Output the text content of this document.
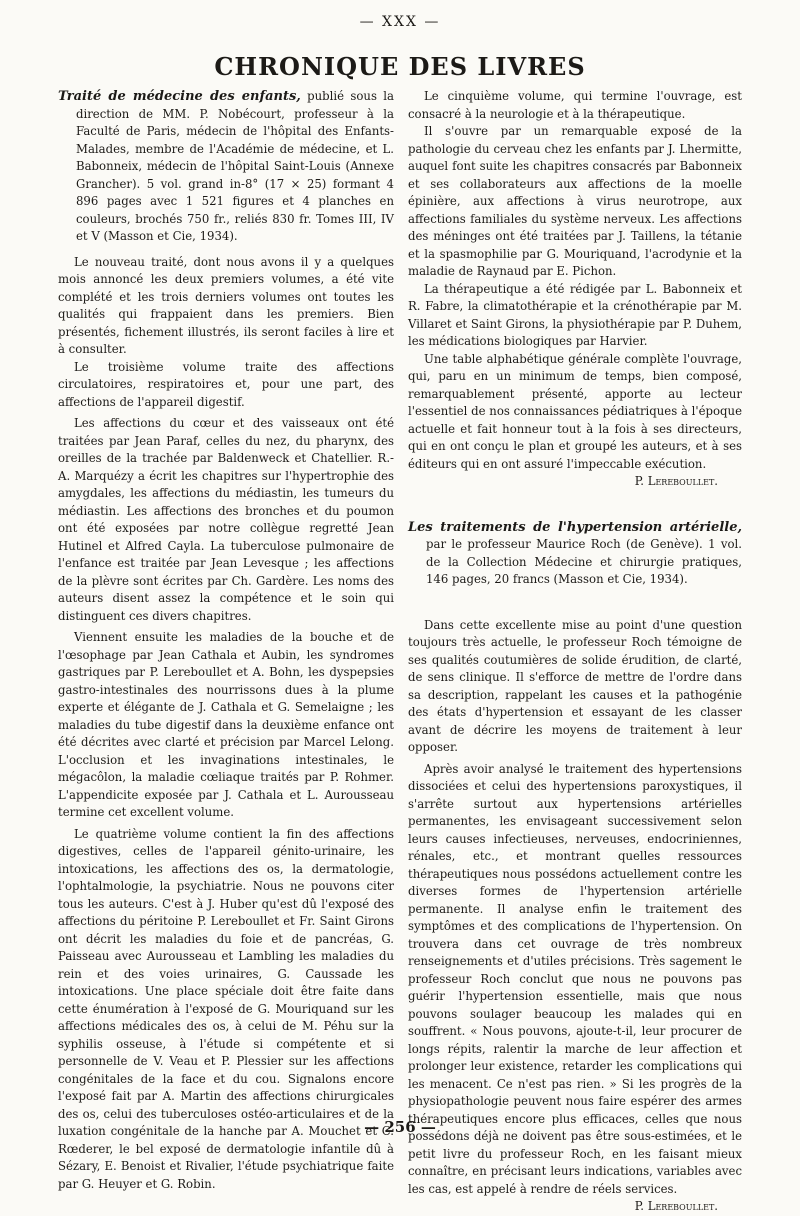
— XXX —
CHRONIQUE DES LIVRES

Traité de médecine des enfants, publié sous la direction de MM. P. Nobécourt, professeur à la Faculté de Paris, médecin de l'hôpital des Enfants-Malades, membre de l'Académie de médecine, et L. Babonneix, médecin de l'hôpital Saint-Louis (Annexe Grancher). 5 vol. grand in-8° (17 × 25) formant 4 896 pages avec 1 521 figures et 4 planches en couleurs, brochés 750 fr., reliés 830 fr. Tomes III, IV et V (Masson et Cie, 1934).

Le nouveau traité, dont nous avons il y a quelques mois annoncé les deux premiers volumes, a été vite complété et les trois derniers volumes ont toutes les qualités qui frappaient dans les premiers. Bien présentés, fichement illustrés, ils seront faciles à lire et à consulter.

Le troisième volume traite des affections circulatoires, respiratoires et, pour une part, des affections de l'appareil digestif.

Les affections du cœur et des vaisseaux ont été traitées par Jean Paraf, celles du nez, du pharynx, des oreilles de la trachée par Baldenweck et Chatellier. R.-A. Marquézy a écrit les chapitres sur l'hypertrophie des amygdales, les affections du médiastin, les tumeurs du médiastin. Les affections des bronches et du poumon ont été exposées par notre collègue regretté Jean Hutinel et Alfred Cayla. La tuberculose pulmonaire de l'enfance est traitée par Jean Levesque ; les affections de la plèvre sont écrites par Ch. Gardère. Les noms des auteurs disent assez la compétence et le soin qui distinguent ces divers chapitres.

Viennent ensuite les maladies de la bouche et de l'œsophage par Jean Cathala et Aubin, les syndromes gastriques par P. Lereboullet et A. Bohn, les dyspepsies gastro-intestinales des nourrissons dues à la plume experte et élégante de J. Cathala et G. Semelaigne ; les maladies du tube digestif dans la deuxième enfance ont été décrites avec clarté et précision par Marcel Lelong. L'occlusion et les invaginations intestinales, le mégacôlon, la maladie cœliaque traités par P. Rohmer. L'appendicite exposée par J. Cathala et L. Aurousseau termine cet excellent volume.

Le quatrième volume contient la fin des affections digestives, celles de l'appareil génito-urinaire, les intoxications, les affections des os, la dermatologie, l'ophtalmologie, la psychiatrie. Nous ne pouvons citer tous les auteurs. C'est à J. Huber qu'est dû l'exposé des affections du péritoine P. Lereboullet et Fr. Saint Girons ont décrit les maladies du foie et de pancréas, G. Paisseau avec Aurousseau et Lambling les maladies du rein et des voies urinaires, G. Caussade les intoxications. Une place spéciale doit être faite dans cette énumération à l'exposé de G. Mouriquand sur les affections médicales des os, à celui de M. Péhu sur la syphilis osseuse, à l'étude si compétente et si personnelle de V. Veau et P. Plessier sur les affections congénitales de la face et du cou. Signalons encore l'exposé fait par A. Martin des affections chirurgicales des os, celui des tuberculoses ostéo-articulaires et de la luxation congénitale de la hanche par A. Mouchet et C. Rœderer, le bel exposé de dermatologie infantile dû à Sézary, E. Benoist et Rivalier, l'étude psychiatrique faite par G. Heuyer et G. Robin.

Le cinquième volume, qui termine l'ouvrage, est consacré à la neurologie et à la thérapeutique.

Il s'ouvre par un remarquable exposé de la pathologie du cerveau chez les enfants par J. Lhermitte, auquel font suite les chapitres consacrés par Babonneix et ses collaborateurs aux affections de la moelle épinière, aux affections à virus neurotrope, aux affections familiales du système nerveux. Les affections des méninges ont été traitées par J. Taillens, la tétanie et la spasmophilie par G. Mouriquand, l'acrodynie et la maladie de Raynaud par E. Pichon.

La thérapeutique a été rédigée par L. Babonneix et R. Fabre, la climatothérapie et la crénothérapie par M. Villaret et Saint Girons, la physiothérapie par P. Duhem, les médications biologiques par Harvier.

Une table alphabétique générale complète l'ouvrage, qui, paru en un minimum de temps, bien composé, remarquablement présenté, apporte au lecteur l'essentiel de nos connaissances pédiatriques à l'époque actuelle et fait honneur tout à la fois à ses directeurs, qui en ont conçu le plan et groupé les auteurs, et à ses éditeurs qui en ont assuré l'impeccable exécution.

P. Lereboullet.

Les traitements de l'hypertension artérielle, par le professeur Maurice Roch (de Genève). 1 vol. de la Collection Médecine et chirurgie pratiques, 146 pages, 20 francs (Masson et Cie, 1934).

Dans cette excellente mise au point d'une question toujours très actuelle, le professeur Roch témoigne de ses qualités coutumières de solide érudition, de clarté, de sens clinique. Il s'efforce de mettre de l'ordre dans sa description, rappelant les causes et la pathogénie des états d'hypertension et essayant de les classer avant de décrire les moyens de traitement à leur opposer.

Après avoir analysé le traitement des hypertensions dissociées et celui des hypertensions paroxystiques, il s'arrête surtout aux hypertensions artérielles permanentes, les envisageant successivement selon leurs causes infectieuses, nerveuses, endocriniennes, rénales, etc., et montrant quelles ressources thérapeutiques nous possédons actuellement contre les diverses formes de l'hypertension artérielle permanente. Il analyse enfin le traitement des symptômes et des complications de l'hypertension. On trouvera dans cet ouvrage de très nombreux renseignements et d'utiles précisions. Très sagement le professeur Roch conclut que nous ne pouvons pas guérir l'hypertension essentielle, mais que nous pouvons soulager beaucoup les malades qui en souffrent. « Nous pouvons, ajoute-t-il, leur procurer de longs répits, ralentir la marche de leur affection et prolonger leur existence, retarder les complications qui les menacent. Ce n'est pas rien. » Si les progrès de la physiopathologie peuvent nous faire espérer des armes thérapeutiques encore plus efficaces, celles que nous possédons déjà ne doivent pas être sous-estimées, et le petit livre du professeur Roch, en les faisant mieux connaître, en précisant leurs indications, variables avec les cas, est appelé à rendre de réels services.

P. Lereboullet.

— 256 —
